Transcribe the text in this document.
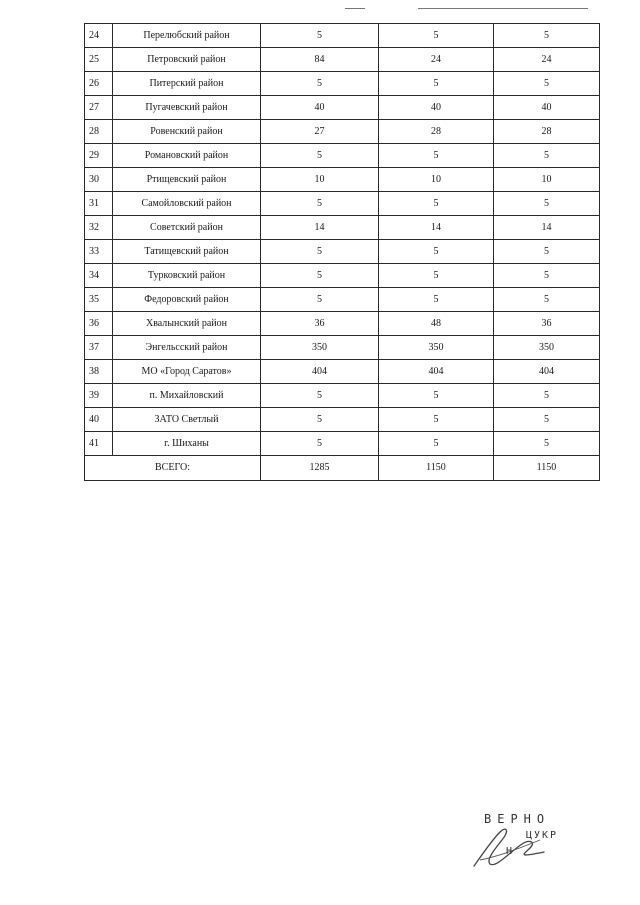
24	Перелюбский район	5	5	5
25	Петровский район	84	24	24
26	Питерский район	5	5	5
27	Пугачевский район	40	40	40
28	Ровенский район	27	28	28
29	Романовский район	5	5	5
30	Ртищевский район	10	10	10
31	Самойловский район	5	5	5
32	Советский район	14	14	14
33	Татищевский район	5	5	5
34	Турковский район	5	5	5
35	Федоровский район	5	5	5
36	Хвалынский район	36	48	36
37	Энгельсский район	350	350	350
38	МО «Город Саратов»	404	404	404
39	п. Михайловский	5	5	5
40	ЗАТО Светлый	5	5	5
41	г. Шиханы	5	5	5
ВСЕГО:		1285	1150	1150
ВЕРНО
ЦУКР
Н
